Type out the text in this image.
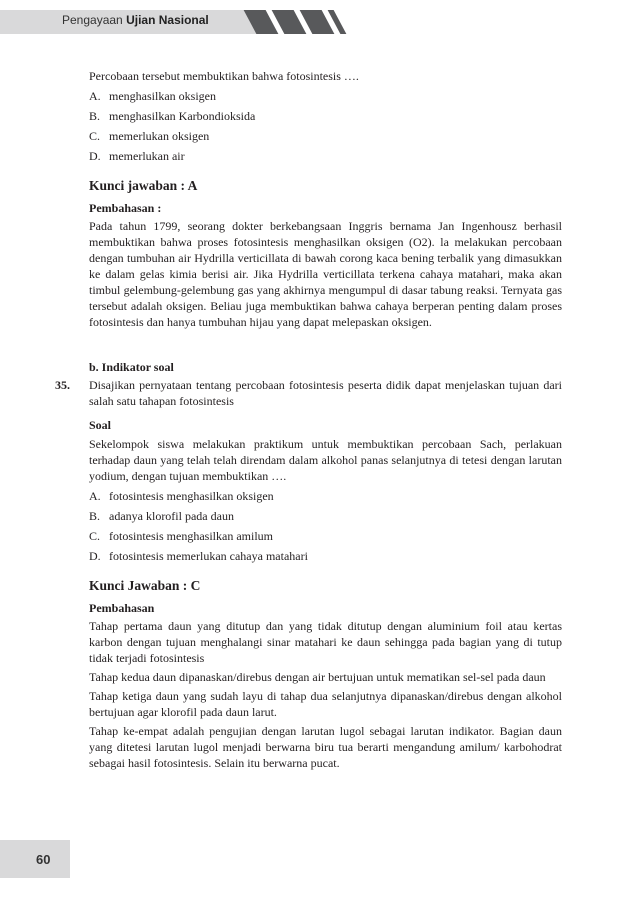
Pengayaan Ujian Nasional

Percobaan tersebut membuktikan bahwa fotosintesis ….

A. menghasilkan oksigen
B. menghasilkan Karbondioksida
C. memerlukan oksigen
D. memerlukan air

Kunci jawaban : A

Pembahasan :

Pada tahun 1799, seorang dokter berkebangsaan Inggris bernama Jan Ingenhousz berhasil membuktikan bahwa proses fotosintesis menghasilkan oksigen (O2). la melakukan percobaan dengan tumbuhan air Hydrilla verticillata di bawah corong kaca bening terbalik yang dimasukkan ke dalam gelas kimia berisi air. Jika Hydrilla verticillata terkena cahaya matahari, maka akan timbul gelembung-gelembung gas yang akhirnya mengumpul di dasar tabung reaksi. Ternyata gas tersebut adalah oksigen. Beliau juga membuktikan bahwa cahaya berperan penting dalam proses fotosintesis dan hanya tumbuhan hijau yang dapat melepaskan oksigen.

b. Indikator soal

Disajikan pernyataan tentang percobaan fotosintesis peserta didik dapat menjelaskan tujuan dari salah satu tahapan fotosintesis

Soal

Sekelompok siswa melakukan praktikum untuk membuktikan percobaan Sach, perlakuan terhadap daun yang telah telah direndam dalam alkohol panas selanjutnya di tetesi dengan larutan yodium, dengan tujuan membuktikan ….

A. fotosintesis menghasilkan oksigen
B. adanya klorofil pada daun
C. fotosintesis menghasilkan amilum
D. fotosintesis memerlukan cahaya matahari

Kunci Jawaban : C

Pembahasan

Tahap pertama daun yang ditutup dan yang tidak ditutup dengan aluminium foil atau kertas karbon dengan tujuan menghalangi sinar matahari ke daun sehingga pada bagian yang di tutup tidak terjadi fotosintesis

Tahap kedua daun dipanaskan/direbus dengan air bertujuan untuk mematikan sel-sel pada daun

Tahap ketiga daun yang sudah layu di tahap dua selanjutnya dipanaskan/direbus dengan alkohol bertujuan agar klorofil pada daun larut.

Tahap ke-empat adalah pengujian dengan larutan lugol sebagai larutan indikator. Bagian daun yang ditetesi larutan lugol menjadi berwarna biru tua berarti mengandung amilum/ karbohodrat sebagai hasil fotosintesis. Selain itu berwarna pucat.

35.
60
